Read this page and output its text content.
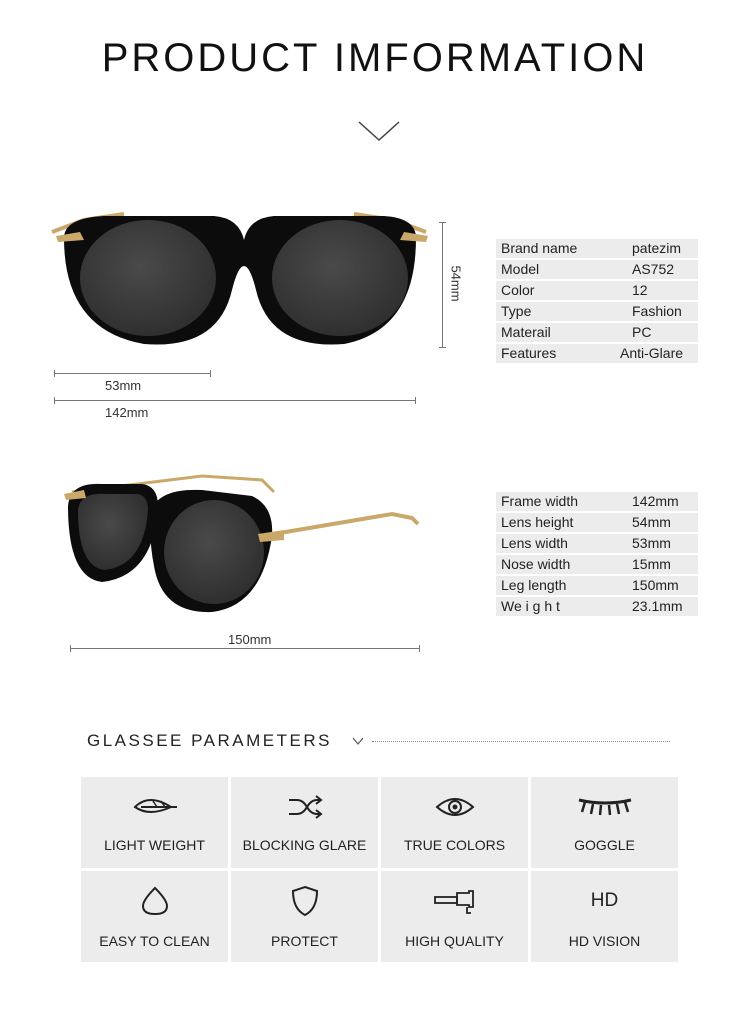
PRODUCT IMFORMATION
54mm
53mm
142mm
Brand name	patezim
Model	AS752
Color	12
Type	Fashion
Materail	PC
Features	Anti-Glare
150mm
Frame width	142mm
Lens height	54mm
Lens width	53mm
Nose width	15mm
Leg length	150mm
We i g h t	23.1mm
GLASSEE PARAMETERS
LIGHT WEIGHT	BLOCKING GLARE	TRUE COLORS	GOGGLE
EASY TO CLEAN	PROTECT	HIGH QUALITY
HD
HD VISION
